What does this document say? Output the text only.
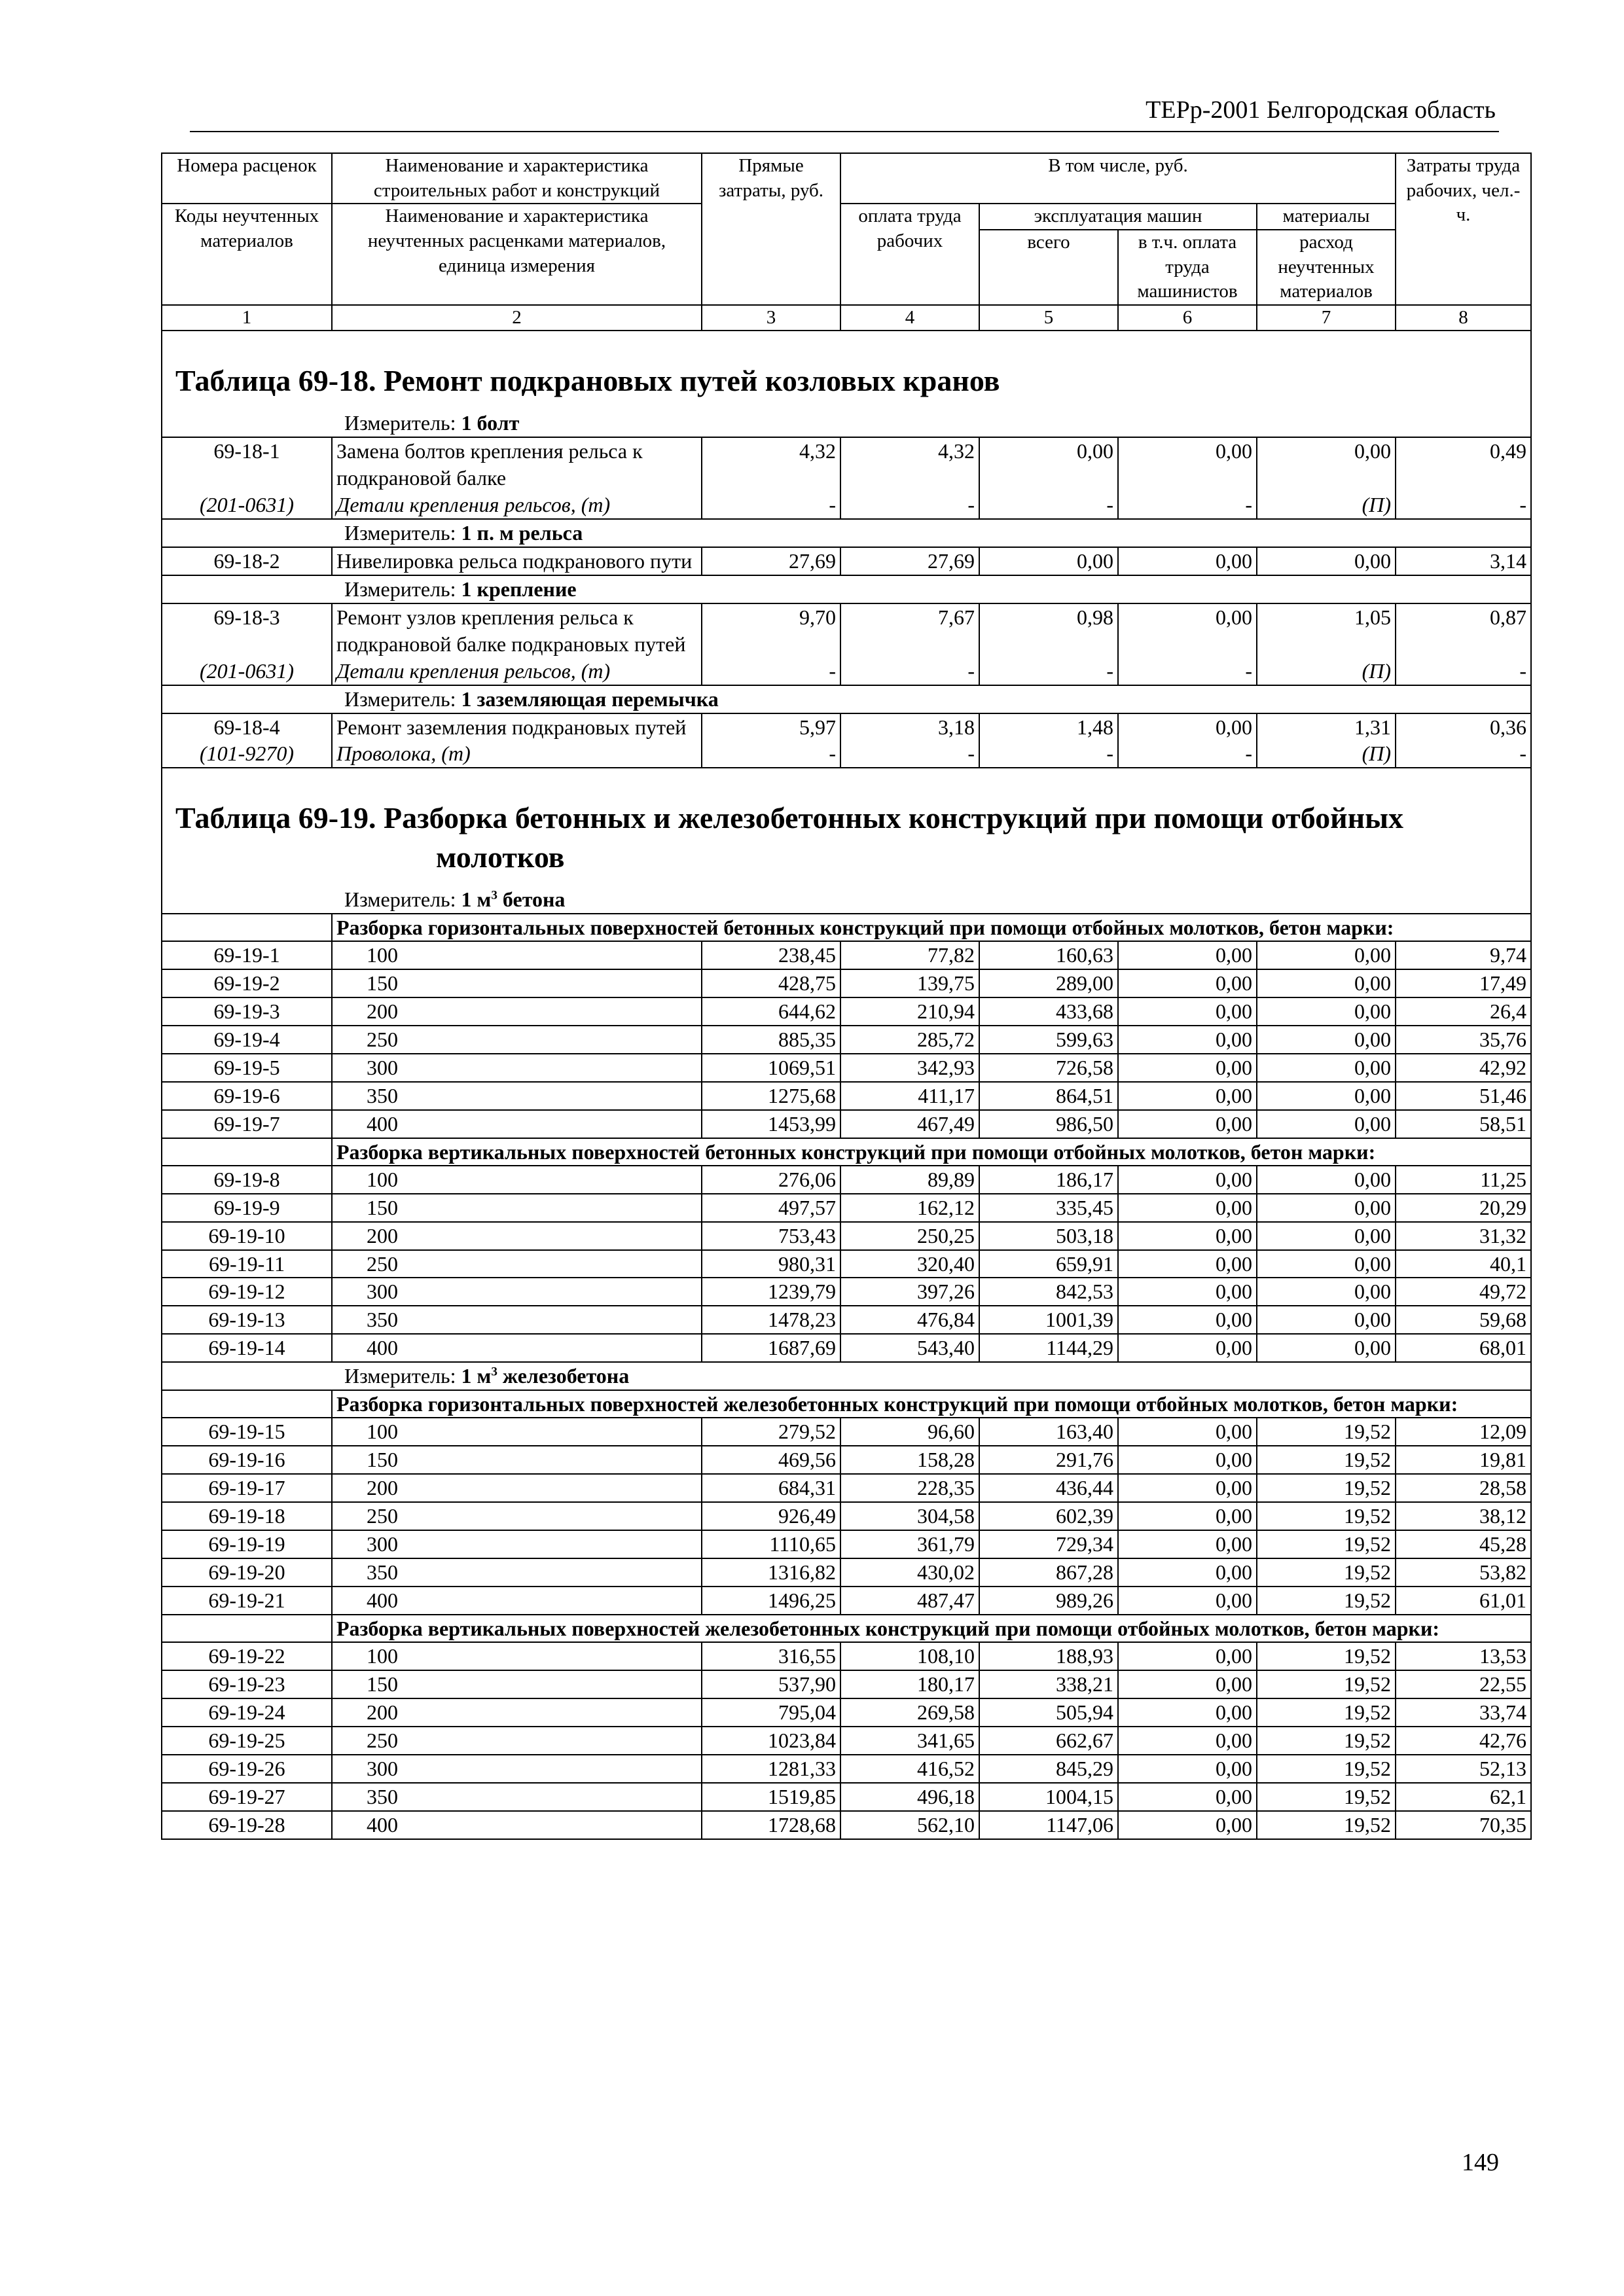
ТЕРр-2001 Белгородская область
Номера расценок	Наименование и характеристика строительных работ и конструкций	Прямые затраты, руб.	В том числе, руб.				Затраты труда рабочих, чел.-ч.
Коды неучтенных материалов	Наименование и характеристика неучтенных расценками материалов, единица измерения		оплата труда рабочих	эксплуатация машин		материалы	
				всего	в т.ч. оплата труда машинистов	расход неучтенных материалов	
1	2	3	4	5	6	7	8
Таблица 69-18. Ремонт подкрановых путей козловых кранов							
Измеритель: 1 болт							
69-18-1	Замена болтов крепления рельса к подкрановой балке	4,32	4,32	0,00	0,00	0,00	0,49
(201-0631)	Детали крепления рельсов, (т)	-	-	-	-	(П)	-
Измеритель: 1 п. м рельса							
69-18-2	Нивелировка рельса подкранового пути	27,69	27,69	0,00	0,00	0,00	3,14
Измеритель: 1 крепление							
69-18-3	Ремонт узлов крепления рельса к подкрановой балке подкрановых путей	9,70	7,67	0,98	0,00	1,05	0,87
(201-0631)	Детали крепления рельсов, (т)	-	-	-	-	(П)	-
Измеритель: 1 заземляющая перемычка							
69-18-4	Ремонт заземления подкрановых путей	5,97	3,18	1,48	0,00	1,31	0,36
(101-9270)	Проволока, (т)	-	-	-	-	(П)	-
Таблица 69-19. Разборка бетонных и железобетонных конструкций при помощи отбойных
молотков							

Измеритель: 1 $м^3$ бетона							
	Разборка горизонтальных поверхностей бетонных конструкций при помощи отбойных молотков, бетон марки:						
69-19-1	100	238,45	77,82	160,63	0,00	0,00	9,74
69-19-2	150	428,75	139,75	289,00	0,00	0,00	17,49
69-19-3	200	644,62	210,94	433,68	0,00	0,00	26,4
69-19-4	250	885,35	285,72	599,63	0,00	0,00	35,76
69-19-5	300	1069,51	342,93	726,58	0,00	0,00	42,92
69-19-6	350	1275,68	411,17	864,51	0,00	0,00	51,46
69-19-7	400	1453,99	467,49	986,50	0,00	0,00	58,51
	Разборка вертикальных поверхностей бетонных конструкций при помощи отбойных молотков, бетон марки:						
69-19-8	100	276,06	89,89	186,17	0,00	0,00	11,25
69-19-9	150	497,57	162,12	335,45	0,00	0,00	20,29
69-19-10	200	753,43	250,25	503,18	0,00	0,00	31,32
69-19-11	250	980,31	320,40	659,91	0,00	0,00	40,1
69-19-12	300	1239,79	397,26	842,53	0,00	0,00	49,72
69-19-13	350	1478,23	476,84	1001,39	0,00	0,00	59,68
69-19-14	400	1687,69	543,40	1144,29	0,00	0,00	68,01
Измеритель: 1 $м^3$ железобетона							
	Разборка горизонтальных поверхностей железобетонных конструкций при помощи отбойных молотков, бетон марки:						
69-19-15	100	279,52	96,60	163,40	0,00	19,52	12,09
69-19-16	150	469,56	158,28	291,76	0,00	19,52	19,81
69-19-17	200	684,31	228,35	436,44	0,00	19,52	28,58
69-19-18	250	926,49	304,58	602,39	0,00	19,52	38,12
69-19-19	300	1110,65	361,79	729,34	0,00	19,52	45,28
69-19-20	350	1316,82	430,02	867,28	0,00	19,52	53,82
69-19-21	400	1496,25	487,47	989,26	0,00	19,52	61,01
	Разборка вертикальных поверхностей железобетонных конструкций при помощи отбойных молотков, бетон марки:						
69-19-22	100	316,55	108,10	188,93	0,00	19,52	13,53
69-19-23	150	537,90	180,17	338,21	0,00	19,52	22,55
69-19-24	200	795,04	269,58	505,94	0,00	19,52	33,74
69-19-25	250	1023,84	341,65	662,67	0,00	19,52	42,76
69-19-26	300	1281,33	416,52	845,29	0,00	19,52	52,13
69-19-27	350	1519,85	496,18	1004,15	0,00	19,52	62,1
69-19-28	400	1728,68	562,10	1147,06	0,00	19,52	70,35
149
